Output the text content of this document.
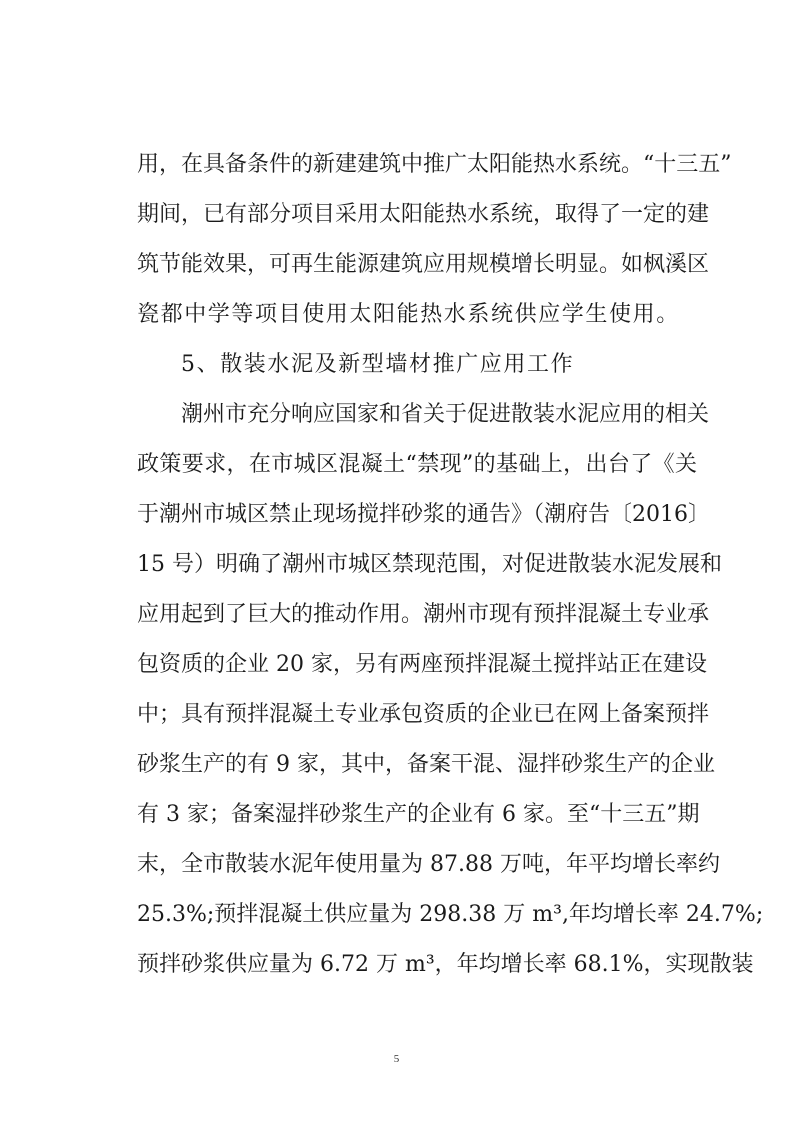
用，在具备条件的新建建筑中推广太阳能热水系统。“十三五”
期间，已有部分项目采用太阳能热水系统，取得了一定的建
筑节能效果，可再生能源建筑应用规模增长明显。如枫溪区
瓷都中学等项目使用太阳能热水系统供应学生使用。
5、散装水泥及新型墙材推广应用工作
潮州市充分响应国家和省关于促进散装水泥应用的相关
政策要求，在市城区混凝土“禁现”的基础上，出台了《关
于潮州市城区禁止现场搅拌砂浆的通告》（潮府告〔2016〕
15 号）明确了潮州市城区禁现范围，对促进散装水泥发展和
应用起到了巨大的推动作用。潮州市现有预拌混凝土专业承
包资质的企业 20 家，另有两座预拌混凝土搅拌站正在建设
中；具有预拌混凝土专业承包资质的企业已在网上备案预拌
砂浆生产的有 9 家，其中，备案干混、湿拌砂浆生产的企业
有 3 家；备案湿拌砂浆生产的企业有 6 家。至“十三五”期
末，全市散装水泥年使用量为 87.88 万吨，年平均增长率约
25.3%;预拌混凝土供应量为 298.38 万 m³,年均增长率 24.7%;
预拌砂浆供应量为 6.72 万 m³，年均增长率 68.1%，实现散装
5
